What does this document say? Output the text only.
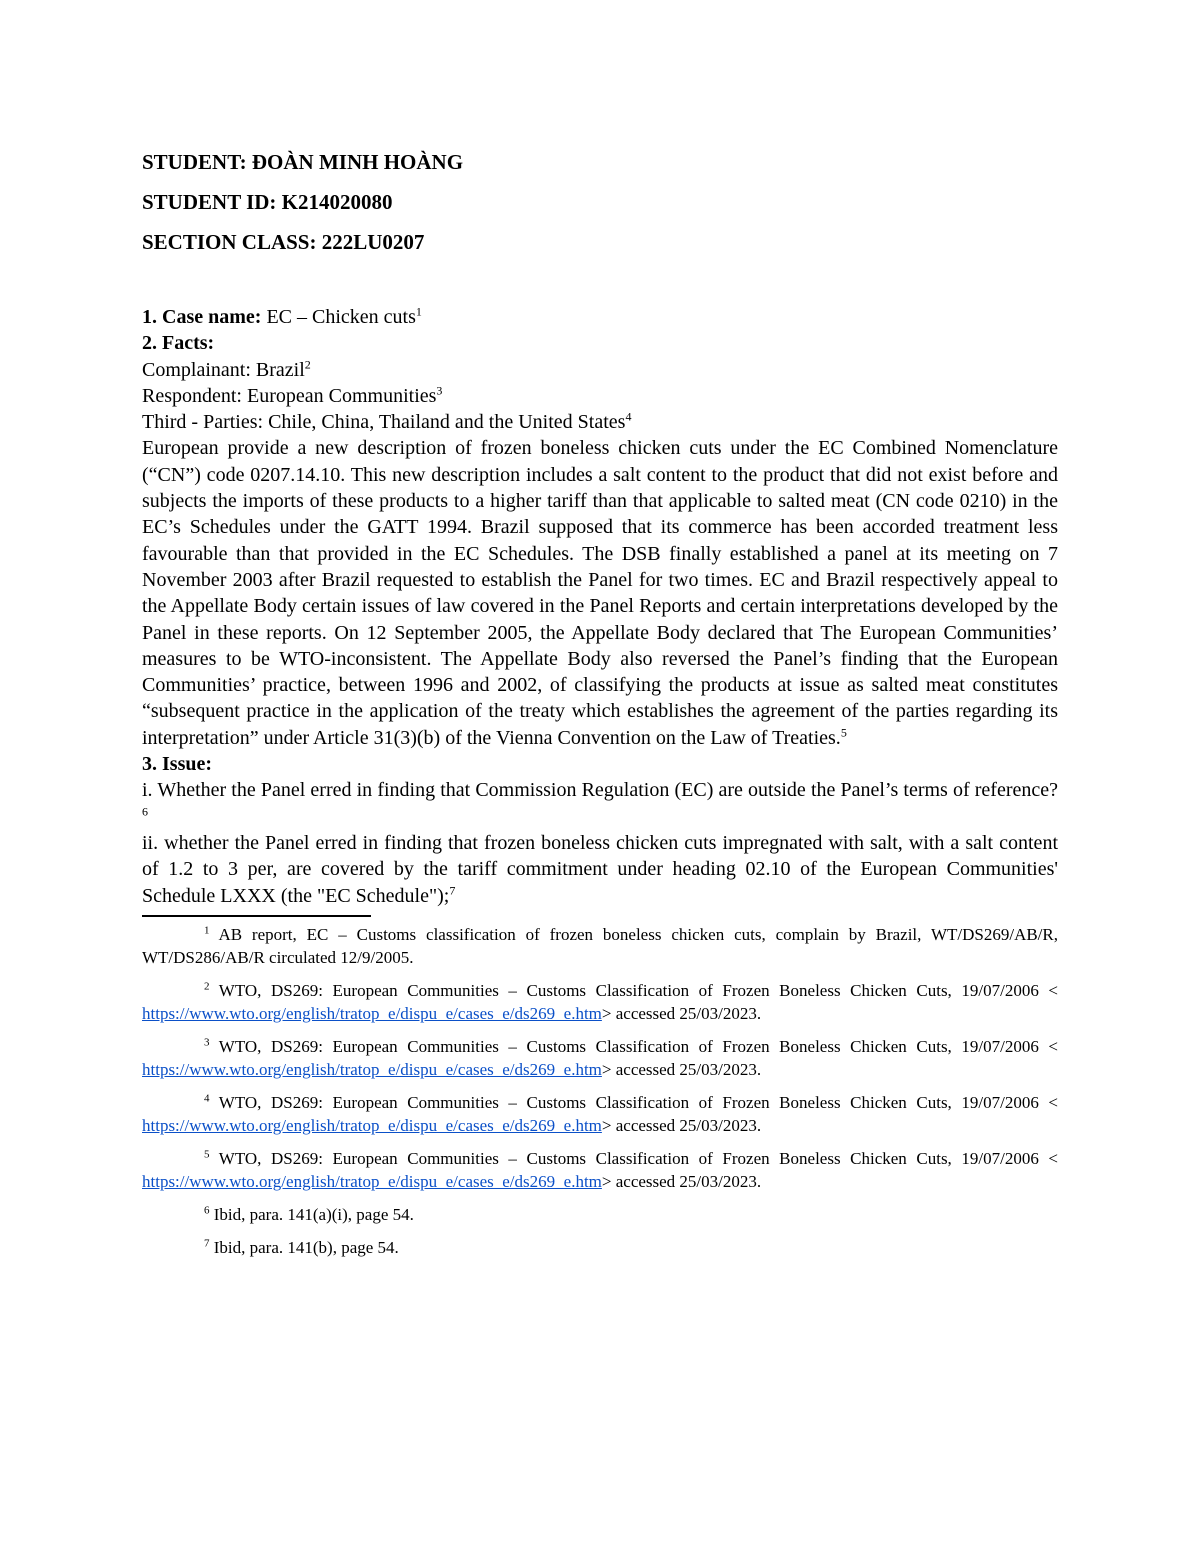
STUDENT: ĐOÀN MINH HOÀNG
STUDENT ID: K214020080
SECTION CLASS: 222LU0207

1. Case name: EC – Chicken cuts$^1$

2. Facts:

Complainant: Brazil$^2$

Respondent: European Communities$^3$

Third - Parties: Chile, China, Thailand and the United States$^4$

European provide a new description of frozen boneless chicken cuts under the EC Combined Nomenclature (“CN”) code 0207.14.10. This new description includes a salt content to the product that did not exist before and subjects the imports of these products to a higher tariff than that applicable to salted meat (CN code 0210) in the EC’s Schedules under the GATT 1994. Brazil supposed that its commerce has been accorded treatment less favourable than that provided in the EC Schedules. The DSB finally established a panel at its meeting on 7 November 2003 after Brazil requested to establish the Panel for two times. EC and Brazil respectively appeal to the Appellate Body certain issues of law covered in the Panel Reports and certain interpretations developed by the Panel in these reports. On 12 September 2005, the Appellate Body declared that The European Communities’ measures to be WTO-inconsistent. The Appellate Body also reversed the Panel’s finding that the European Communities’ practice, between 1996 and 2002, of classifying the products at issue as salted meat constitutes “subsequent practice in the application of the treaty which establishes the agreement of the parties regarding its interpretation” under Article 31(3)(b) of the Vienna Convention on the Law of Treaties.$^5$

3. Issue:

i. Whether the Panel erred in finding that Commission Regulation (EC) are outside the Panel’s terms of reference?$^6$

ii. whether the Panel erred in finding that frozen boneless chicken cuts impregnated with salt, with a salt content of 1.2 to 3 per, are covered by the tariff commitment under heading 02.10 of the European Communities' Schedule LXXX (the "EC Schedule");$^7$

$^1$ AB report, EC – Customs classification of frozen boneless chicken cuts, complain by Brazil, WT/DS269/AB/R, WT/DS286/AB/R circulated 12/9/2005.

$^2$ WTO, DS269: European Communities – Customs Classification of Frozen Boneless Chicken Cuts, 19/07/2006 < https://www.wto.org/english/tratop_e/dispu_e/cases_e/ds269_e.htm> accessed 25/03/2023.

$^3$ WTO, DS269: European Communities – Customs Classification of Frozen Boneless Chicken Cuts, 19/07/2006 < https://www.wto.org/english/tratop_e/dispu_e/cases_e/ds269_e.htm> accessed 25/03/2023.

$^4$ WTO, DS269: European Communities – Customs Classification of Frozen Boneless Chicken Cuts, 19/07/2006 < https://www.wto.org/english/tratop_e/dispu_e/cases_e/ds269_e.htm> accessed 25/03/2023.

$^5$ WTO, DS269: European Communities – Customs Classification of Frozen Boneless Chicken Cuts, 19/07/2006 < https://www.wto.org/english/tratop_e/dispu_e/cases_e/ds269_e.htm> accessed 25/03/2023.

$^6$ Ibid, para. 141(a)(i), page 54.

$^7$ Ibid, para. 141(b), page 54.
